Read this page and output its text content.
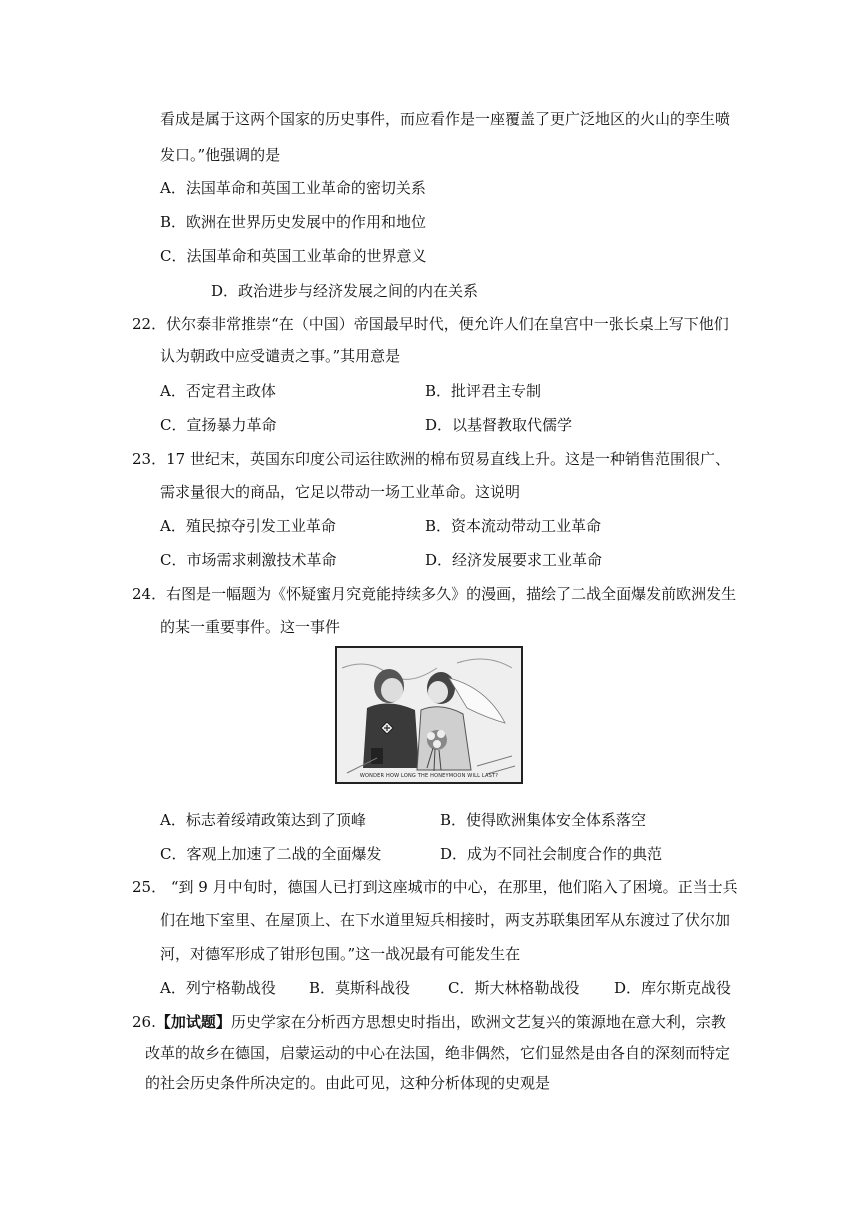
看成是属于这两个国家的历史事件，而应看作是一座覆盖了更广泛地区的火山的孪生喷
发口。”他强调的是
A．法国革命和英国工业革命的密切关系
B．欧洲在世界历史发展中的作用和地位
C．法国革命和英国工业革命的世界意义
D．政治进步与经济发展之间的内在关系
22．伏尔泰非常推崇“在（中国）帝国最早时代，便允许人们在皇宫中一张长桌上写下他们
认为朝政中应受谴责之事。”其用意是
A．否定君主政体	B．批评君主专制
C．宣扬暴力革命	D．以基督教取代儒学
23．17 世纪末，英国东印度公司运往欧洲的棉布贸易直线上升。这是一种销售范围很广、
需求量很大的商品，它足以带动一场工业革命。这说明
A．殖民掠夺引发工业革命	B．资本流动带动工业革命
C．市场需求刺激技术革命	D．经济发展要求工业革命
24．右图是一幅题为《怀疑蜜月究竟能持续多久》的漫画，描绘了二战全面爆发前欧洲发生
的某一重要事件。这一事件
WONDER HOW LONG THE HONEYMOON WILL LAST?
A．标志着绥靖政策达到了顶峰	B．使得欧洲集体安全体系落空
C．客观上加速了二战的全面爆发	D．成为不同社会制度合作的典范
25． “到 9 月中旬时，德国人已打到这座城市的中心，在那里，他们陷入了困境。正当士兵
们在地下室里、在屋顶上、在下水道里短兵相接时，两支苏联集团军从东渡过了伏尔加
河，对德军形成了钳形包围。”这一战况最有可能发生在
A．列宁格勒战役 B．莫斯科战役	C．斯大林格勒战役 D．库尔斯克战役
26.【加试题】历史学家在分析西方思想史时指出，欧洲文艺复兴的策源地在意大利，宗教
改革的故乡在德国，启蒙运动的中心在法国，绝非偶然，它们显然是由各自的深刻而特定
的社会历史条件所决定的。由此可见，这种分析体现的史观是
